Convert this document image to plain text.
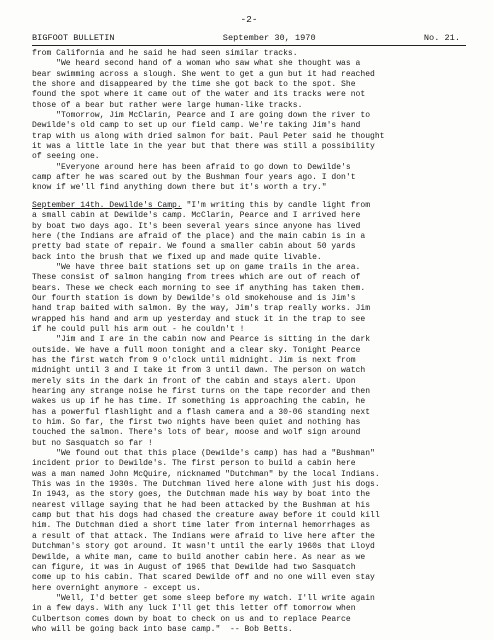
-2-
BIGFOOT BULLETIN	September 30, 1970	No. 21.
from California and he said he had seen similar tracks.
"We heard second hand of a woman who saw what she thought was a
bear swimming across a slough. She went to get a gun but it had reached
the shore and disappeared by the time she got back to the spot. She
found the spot where it came out of the water and its tracks were not
those of a bear but rather were large human-like tracks.
"Tomorrow, Jim McClarin, Pearce and I are going down the river to
Dewilde's old camp to set up our field camp. We're taking Jim's hand
trap with us along with dried salmon for bait. Paul Peter said he thought
it was a little late in the year but that there was still a possibility
of seeing one.
"Everyone around here has been afraid to go down to Dewilde's
camp after he was scared out by the Bushman four years ago. I don't
know if we'll find anything down there but it's worth a try."
September 14th. Dewilde's Camp. "I'm writing this by candle light from
a small cabin at Dewilde's camp. McClarin, Pearce and I arrived here
by boat two days ago. It's been several years since anyone has lived
here (the Indians are afraid of the place) and the main cabin is in a
pretty bad state of repair. We found a smaller cabin about 50 yards
back into the brush that we fixed up and made quite livable.
"We have three bait stations set up on game trails in the area.
These consist of salmon hanging from trees which are out of reach of
bears. These we check each morning to see if anything has taken them.
Our fourth station is down by Dewilde's old smokehouse and is Jim's
hand trap baited with salmon. By the way, Jim's trap really works. Jim
wrapped his hand and arm up yesterday and stuck it in the trap to see
if he could pull his arm out - he couldn't !
"Jim and I are in the cabin now and Pearce is sitting in the dark
outside. We have a full moon tonight and a clear sky. Tonight Pearce
has the first watch from 9 o'clock until midnight. Jim is next from
midnight until 3 and I take it from 3 until dawn. The person on watch
merely sits in the dark in front of the cabin and stays alert. Upon
hearing any strange noise he first turns on the tape recorder and then
wakes us up if he has time. If something is approaching the cabin, he
has a powerful flashlight and a flash camera and a 30-06 standing next
to him. So far, the first two nights have been quiet and nothing has
touched the salmon. There's lots of bear, moose and wolf sign around
but no Sasquatch so far !
"We found out that this place (Dewilde's camp) has had a "Bushman"
incident prior to Dewilde's. The first person to build a cabin here
was a man named John McQuire, nicknamed "Dutchman" by the local Indians.
This was in the 1930s. The Dutchman lived here alone with just his dogs.
In 1943, as the story goes, the Dutchman made his way by boat into the
nearest village saying that he had been attacked by the Bushman at his
camp but that his dogs had chased the creature away before it could kill
him. The Dutchman died a short time later from internal hemorrhages as
a result of that attack. The Indians were afraid to live here after the
Dutchman's story got around. It wasn't until the early 1960s that Lloyd
Dewilde, a white man, came to build another cabin here. As near as we
can figure, it was in August of 1965 that Dewilde had two Sasquatch
come up to his cabin. That scared Dewilde off and no one will even stay
here overnight anymore - except us.
"Well, I'd better get some sleep before my watch. I'll write again
in a few days. With any luck I'll get this letter off tomorrow when
Culbertson comes down by boat to check on us and to replace Pearce
who will be going back into base camp."  -- Bob Betts.
